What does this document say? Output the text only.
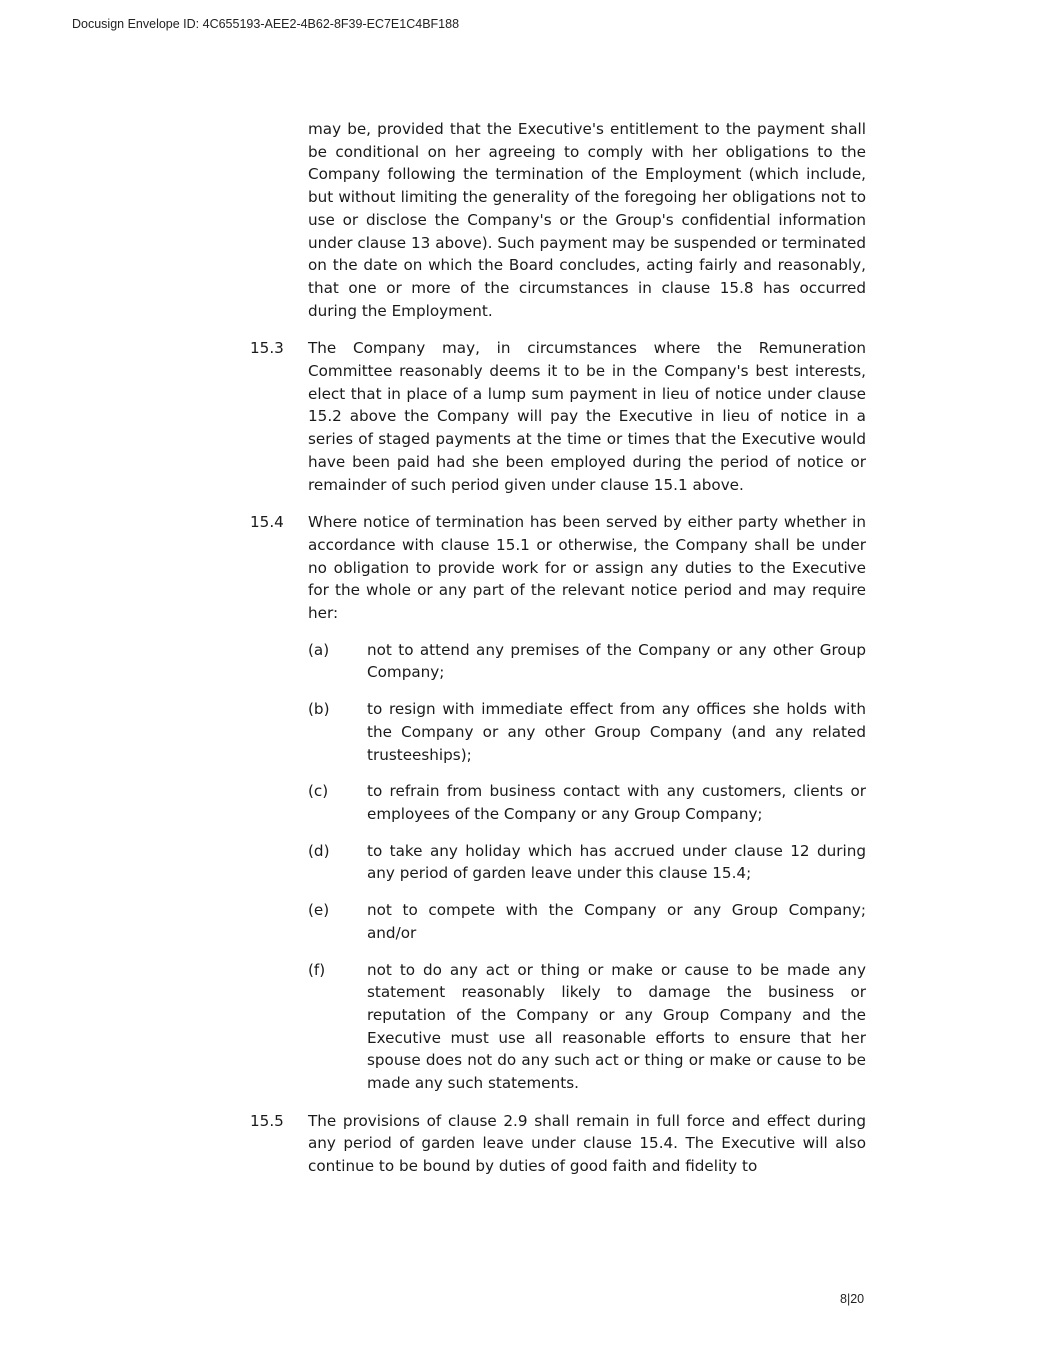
Docusign Envelope ID: 4C655193-AEE2-4B62-8F39-EC7E1C4BF188
may be, provided that the Executive's entitlement to the payment shall be conditional on her agreeing to comply with her obligations to the Company following the termination of the Employment (which include, but without limiting the generality of the foregoing her obligations not to use or disclose the Company's or the Group's confidential information under clause 13 above). Such payment may be suspended or terminated on the date on which the Board concludes, acting fairly and reasonably, that one or more of the circumstances in clause 15.8 has occurred during the Employment.
15.3 The Company may, in circumstances where the Remuneration Committee reasonably deems it to be in the Company's best interests, elect that in place of a lump sum payment in lieu of notice under clause 15.2 above the Company will pay the Executive in lieu of notice in a series of staged payments at the time or times that the Executive would have been paid had she been employed during the period of notice or remainder of such period given under clause 15.1 above.
15.4 Where notice of termination has been served by either party whether in accordance with clause 15.1 or otherwise, the Company shall be under no obligation to provide work for or assign any duties to the Executive for the whole or any part of the relevant notice period and may require her:
(a) not to attend any premises of the Company or any other Group Company;
(b) to resign with immediate effect from any offices she holds with the Company or any other Group Company (and any related trusteeships);
(c)	to refrain from business contact with any customers, clients or employees of the Company or any Group Company;
(d) to take any holiday which has accrued under clause 12 during any period of garden leave under this clause 15.4;
(e) not to compete with the Company or any Group Company; and/or
(f)	not to do any act or thing or make or cause to be made any statement reasonably likely to damage the business or reputation of the Company or any Group Company and the Executive must use all reasonable efforts to ensure that her spouse does not do any such act or thing or make or cause to be made any such statements.
15.5 The provisions of clause 2.9 shall remain in full force and effect during any period of garden leave under clause 15.4. The Executive will also continue to be bound by duties of good faith and fidelity to
8|20
